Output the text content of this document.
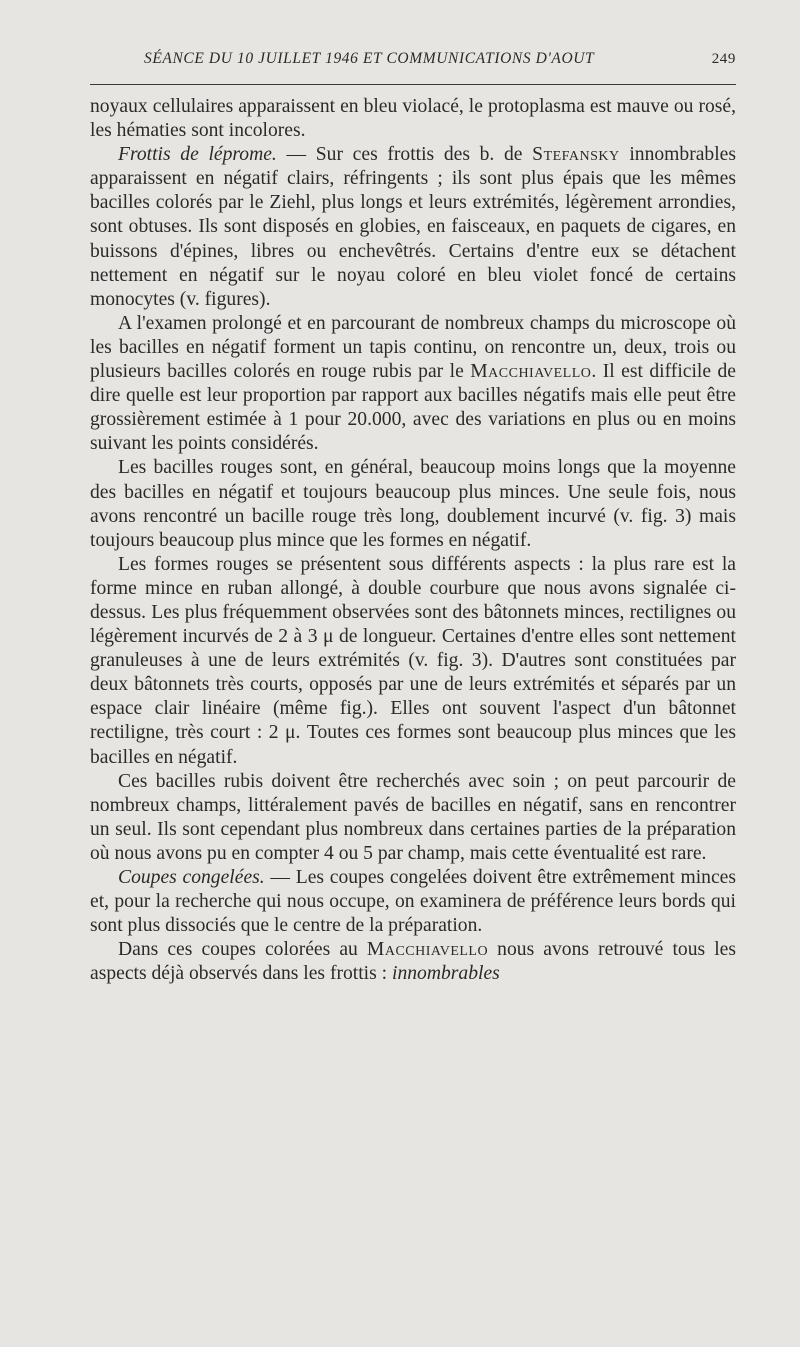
SÉANCE DU 10 JUILLET 1946 ET COMMUNICATIONS D'AOUT	249

noyaux cellulaires apparaissent en bleu violacé, le protoplasma est mauve ou rosé, les hématies sont incolores.

Frottis de léprome. — Sur ces frottis des b. de Stefansky innombrables apparaissent en négatif clairs, réfringents ; ils sont plus épais que les mêmes bacilles colorés par le Ziehl, plus longs et leurs extrémités, légèrement arrondies, sont obtuses. Ils sont disposés en globies, en faisceaux, en paquets de cigares, en buissons d'épines, libres ou enchevêtrés. Certains d'entre eux se détachent nettement en négatif sur le noyau coloré en bleu violet foncé de certains monocytes (v. figures).

A l'examen prolongé et en parcourant de nombreux champs du microscope où les bacilles en négatif forment un tapis continu, on rencontre un, deux, trois ou plusieurs bacilles colorés en rouge rubis par le Macchiavello. Il est difficile de dire quelle est leur proportion par rapport aux bacilles négatifs mais elle peut être grossièrement estimée à 1 pour 20.000, avec des variations en plus ou en moins suivant les points considérés.

Les bacilles rouges sont, en général, beaucoup moins longs que la moyenne des bacilles en négatif et toujours beaucoup plus minces. Une seule fois, nous avons rencontré un bacille rouge très long, doublement incurvé (v. fig. 3) mais toujours beaucoup plus mince que les formes en négatif.

Les formes rouges se présentent sous différents aspects : la plus rare est la forme mince en ruban allongé, à double courbure que nous avons signalée ci-dessus. Les plus fréquemment observées sont des bâtonnets minces, rectilignes ou légèrement incurvés de 2 à 3 μ de longueur. Certaines d'entre elles sont nettement granuleuses à une de leurs extrémités (v. fig. 3). D'autres sont constituées par deux bâtonnets très courts, opposés par une de leurs extrémités et séparés par un espace clair linéaire (même fig.). Elles ont souvent l'aspect d'un bâtonnet rectiligne, très court : 2 μ. Toutes ces formes sont beaucoup plus minces que les bacilles en négatif.

Ces bacilles rubis doivent être recherchés avec soin ; on peut parcourir de nombreux champs, littéralement pavés de bacilles en négatif, sans en rencontrer un seul. Ils sont cependant plus nombreux dans certaines parties de la préparation où nous avons pu en compter 4 ou 5 par champ, mais cette éventualité est rare.

Coupes congelées. — Les coupes congelées doivent être extrêmement minces et, pour la recherche qui nous occupe, on examinera de préférence leurs bords qui sont plus dissociés que le centre de la préparation.

Dans ces coupes colorées au Macchiavello nous avons retrouvé tous les aspects déjà observés dans les frottis : innombrables
